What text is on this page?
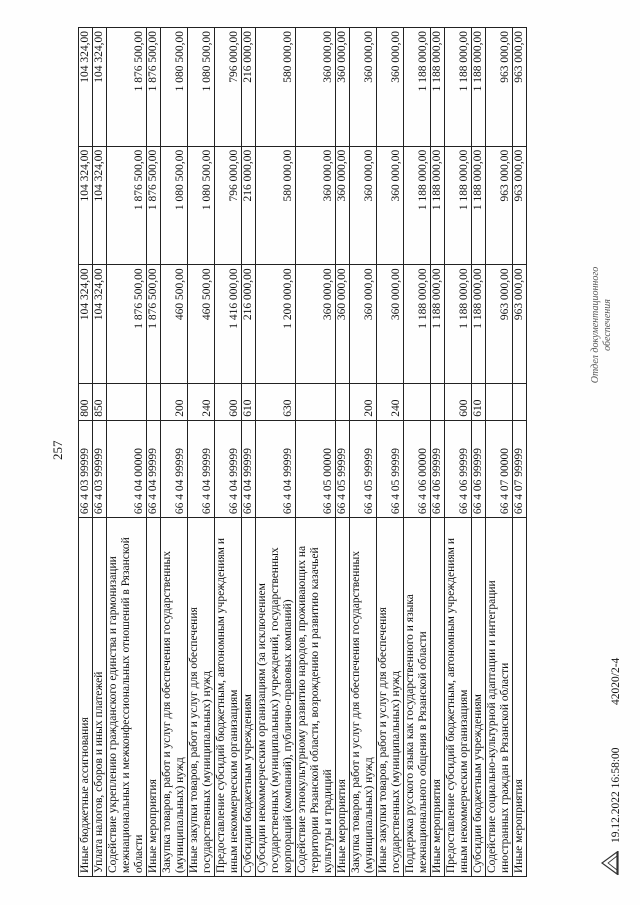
257
Иные бюджетные ассигнования	66 4 03 99999	800	104 324,00	104 324,00	104 324,00
Уплата налогов, сборов и иных платежей	66 4 03 99999	850	104 324,00	104 324,00	104 324,00
Содействие укреплению гражданского единства и гармонизации межнациональных и межконфессиональных отношений в Рязанской области	66 4 04 00000		1 876 500,00	1 876 500,00	1 876 500,00
Иные мероприятия	66 4 04 99999		1 876 500,00	1 876 500,00	1 876 500,00
Закупка товаров, работ и услуг для обеспечения государственных (муниципальных) нужд	66 4 04 99999	200	460 500,00	1 080 500,00	1 080 500,00
Иные закупки товаров, работ и услуг для обеспечения государственных (муниципальных) нужд	66 4 04 99999	240	460 500,00	1 080 500,00	1 080 500,00
Предоставление субсидий бюджетным, автономным учреждениям и иным некоммерческим организациям	66 4 04 99999	600	1 416 000,00	796 000,00	796 000,00
Субсидии бюджетным учреждениям	66 4 04 99999	610	216 000,00	216 000,00	216 000,00
Субсидии некоммерческим организациям (за исключением государственных (муниципальных) учреждений, государственных корпораций (компаний), публично-правовых компаний)	66 4 04 99999	630	1 200 000,00	580 000,00	580 000,00
Содействие этнокультурному развитию народов, проживающих на территории Рязанской области, возрождению и развитию казачьей культуры и традиций	66 4 05 00000		360 000,00	360 000,00	360 000,00
Иные мероприятия	66 4 05 99999		360 000,00	360 000,00	360 000,00
Закупка товаров, работ и услуг для обеспечения государственных (муниципальных) нужд	66 4 05 99999	200	360 000,00	360 000,00	360 000,00
Иные закупки товаров, работ и услуг для обеспечения государственных (муниципальных) нужд	66 4 05 99999	240	360 000,00	360 000,00	360 000,00
Поддержка русского языка как государственного и языка межнационального общения в Рязанской области	66 4 06 00000		1 188 000,00	1 188 000,00	1 188 000,00
Иные мероприятия	66 4 06 99999		1 188 000,00	1 188 000,00	1 188 000,00
Предоставление субсидий бюджетным, автономным учреждениям и иным некоммерческим организациям	66 4 06 99999	600	1 188 000,00	1 188 000,00	1 188 000,00
Субсидии бюджетным учреждениям	66 4 06 99999	610	1 188 000,00	1 188 000,00	1 188 000,00
Содействие социально-культурной адаптации и интеграции иностранных граждан в Рязанской области	66 4 07 00000		963 000,00	963 000,00	963 000,00
Иные мероприятия	66 4 07 99999		963 000,00	963 000,00	963 000,00
19.12.2022 16:58:00
42020/2-4
Отдел документационного обеспечения
